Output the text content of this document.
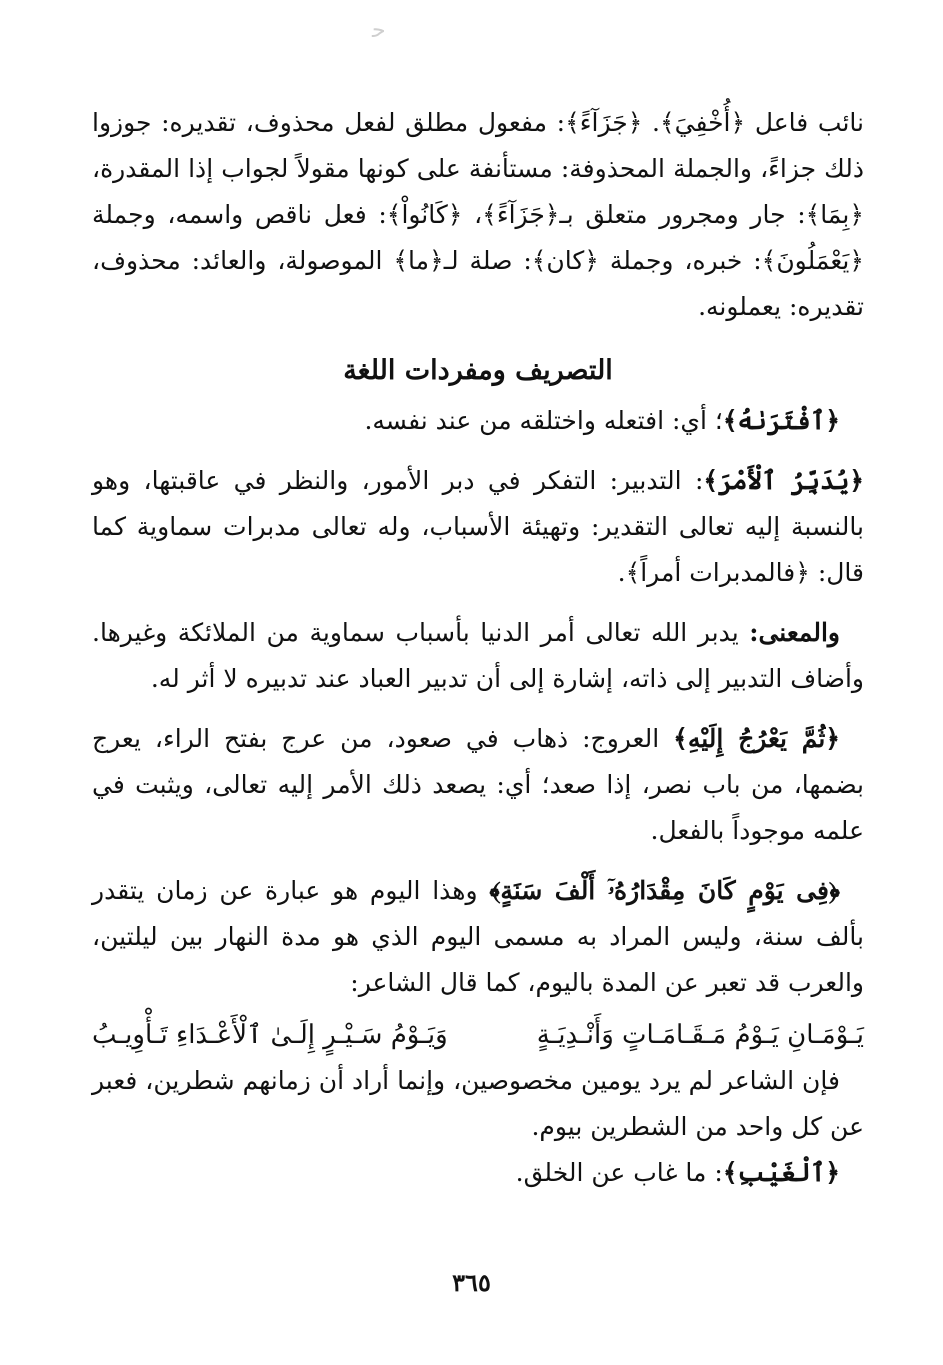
ﺣ

نائب فاعل ﴿أُخْفِيَ﴾. ﴿جَزَآءً﴾: مفعول مطلق لفعل محذوف، تقديره: جوزوا ذلك جزاءً، والجملة المحذوفة: مستأنفة على كونها مقولاً لجواب إذا المقدرة، ﴿بِمَا﴾: جار ومجرور متعلق بـ﴿جَزَآءً﴾، ﴿كَانُواْ﴾: فعل ناقص واسمه، وجملة ﴿يَعْمَلُونَ﴾: خبره، وجملة ﴿كان﴾: صلة لـ﴿ما﴾ الموصولة، والعائد: محذوف، تقديره: يعملونه.

التصريف ومفردات اللغة

﴿ٱفْتَرَىٰهُ﴾؛ أي: افتعله واختلقه من عند نفسه.

﴿يُدَبِّرُ ٱلْأَمْرَ﴾: التدبير: التفكر في دبر الأمور، والنظر في عاقبتها، وهو بالنسبة إليه تعالى التقدير: وتهيئة الأسباب، وله تعالى مدبرات سماوية كما قال: ﴿فالمدبرات أمراً﴾.

والمعنى: يدبر الله تعالى أمر الدنيا بأسباب سماوية من الملائكة وغيرها. وأضاف التدبير إلى ذاته، إشارة إلى أن تدبير العباد عند تدبيره لا أثر له.

﴿ثُمَّ يَعْرُجُ إِلَيْهِ﴾ العروج: ذهاب في صعود، من عرج بفتح الراء، يعرج بضمها، من باب نصر، إذا صعد؛ أي: يصعد ذلك الأمر إليه تعالى، ويثبت في علمه موجوداً بالفعل.

﴿فِى يَوْمٍ كَانَ مِقْدَارُهُۥٓ أَلْفَ سَنَةٍ﴾ وهذا اليوم هو عبارة عن زمان يتقدر بألف سنة، وليس المراد به مسمى اليوم الذي هو مدة النهار بين ليلتين، والعرب قد تعبر عن المدة باليوم، كما قال الشاعر:

يَـوْمَـانِ يَـوْمُ مَـقَـامَـاتٍ وَأَنْـدِيَـةٍ
وَيَـوْمُ سَـيْـرٍ إِلَـىٰ ٱلْأَعْـدَاءِ تَـأْوِيـبُ

فإن الشاعر لم يرد يومين مخصوصين، وإنما أراد أن زمانهم شطرين، فعبر عن كل واحد من الشطرين بيوم.

﴿ٱلْغَيْبِ﴾: ما غاب عن الخلق.

٣٦٥
